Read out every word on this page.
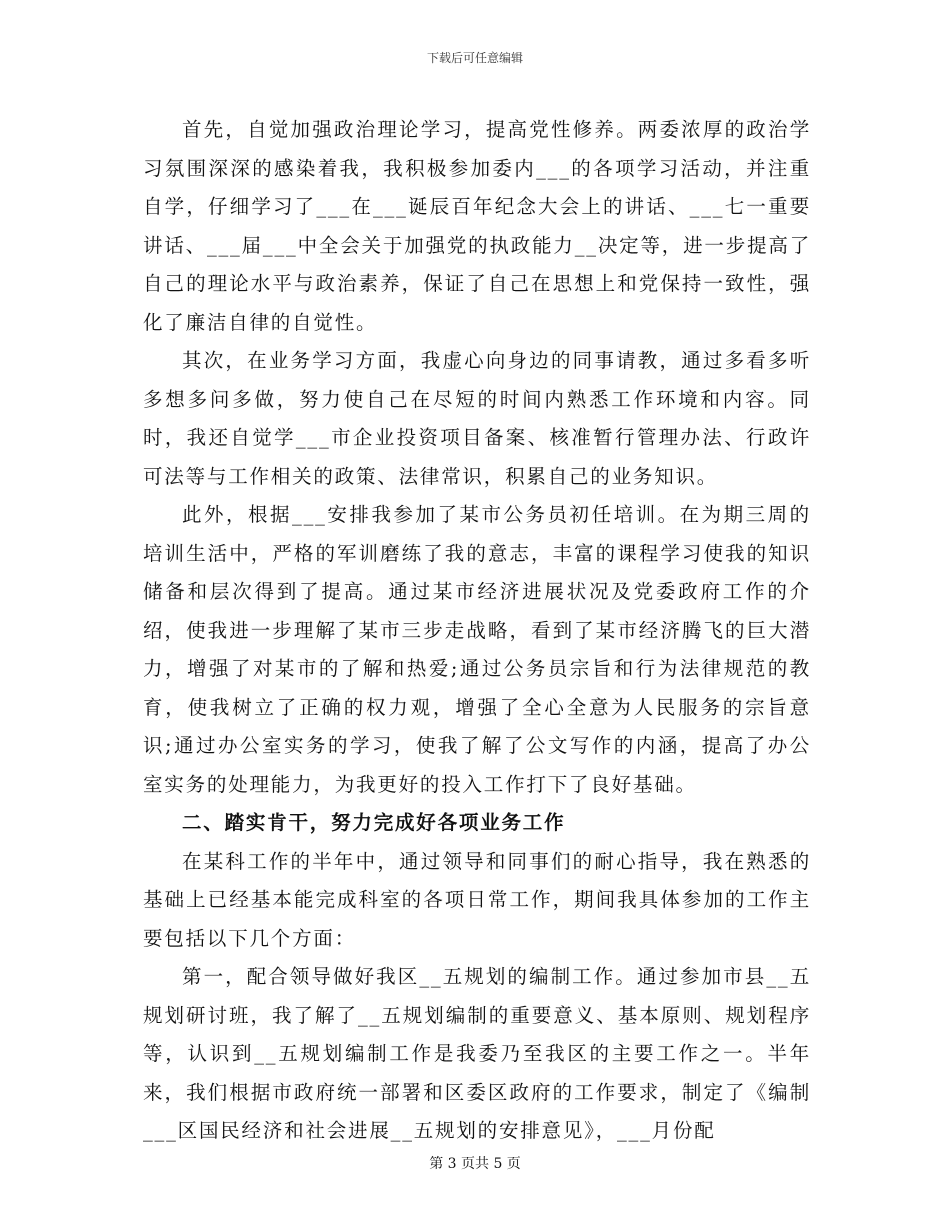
下载后可任意编辑

首先，自觉加强政治理论学习，提高党性修养。两委浓厚的政治学习氛围深深的感染着我，我积极参加委内___的各项学习活动，并注重自学，仔细学习了___在___诞辰百年纪念大会上的讲话、___七一重要讲话、___届___中全会关于加强党的执政能力__决定等，进一步提高了自己的理论水平与政治素养，保证了自己在思想上和党保持一致性，强化了廉洁自律的自觉性。

其次，在业务学习方面，我虚心向身边的同事请教，通过多看多听多想多问多做，努力使自己在尽短的时间内熟悉工作环境和内容。同时，我还自觉学___市企业投资项目备案、核准暂行管理办法、行政许可法等与工作相关的政策、法律常识，积累自己的业务知识。

此外，根据___安排我参加了某市公务员初任培训。在为期三周的培训生活中，严格的军训磨练了我的意志，丰富的课程学习使我的知识储备和层次得到了提高。通过某市经济进展状况及党委政府工作的介绍，使我进一步理解了某市三步走战略，看到了某市经济腾飞的巨大潜力，增强了对某市的了解和热爱;通过公务员宗旨和行为法律规范的教育，使我树立了正确的权力观，增强了全心全意为人民服务的宗旨意识;通过办公室实务的学习，使我了解了公文写作的内涵，提高了办公室实务的处理能力，为我更好的投入工作打下了良好基础。

二、踏实肯干，努力完成好各项业务工作

在某科工作的半年中，通过领导和同事们的耐心指导，我在熟悉的基础上已经基本能完成科室的各项日常工作，期间我具体参加的工作主要包括以下几个方面：

第一，配合领导做好我区__五规划的编制工作。通过参加市县__五规划研讨班，我了解了__五规划编制的重要意义、基本原则、规划程序等，认识到__五规划编制工作是我委乃至我区的主要工作之一。半年来，我们根据市政府统一部署和区委区政府的工作要求，制定了《编制___区国民经济和社会进展__五规划的安排意见》，___月份配

第 3 页共 5 页
